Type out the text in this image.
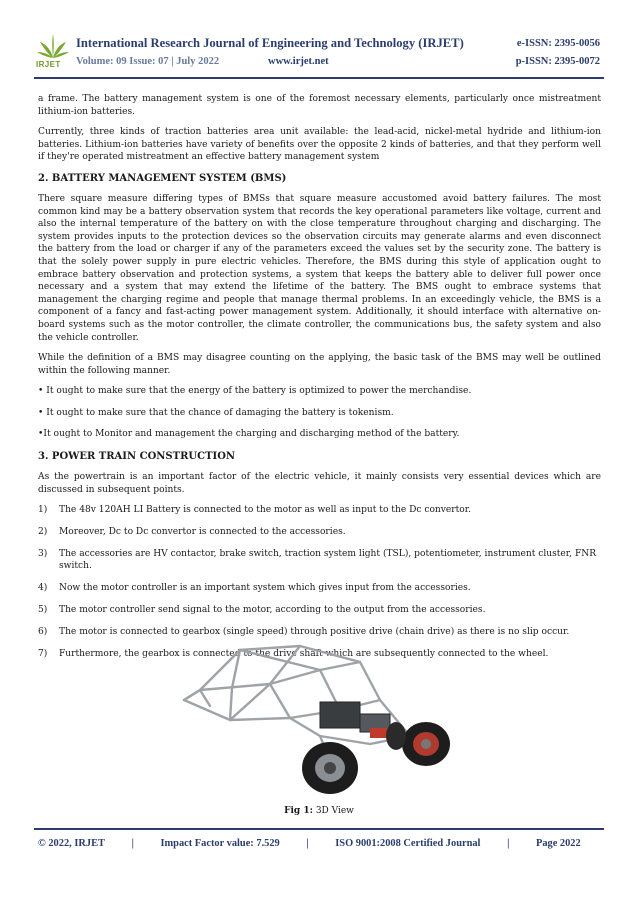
IRJET
International Research Journal of Engineering and Technology (IRJET)	e-ISSN: 2395-0056
Volume: 09 Issue: 07 | July 2022	www.irjet.net	p-ISSN: 2395-0072

a frame. The battery management system is one of the foremost necessary elements, particularly once mistreatment lithium-ion batteries.

Currently, three kinds of traction batteries area unit available: the lead-acid, nickel-metal hydride and lithium-ion batteries. Lithium-ion batteries have variety of benefits over the opposite 2 kinds of batteries, and that they perform well if they're operated mistreatment an effective battery management system

2. BATTERY MANAGEMENT SYSTEM (BMS)

There square measure differing types of BMSs that square measure accustomed avoid battery failures. The most common kind may be a battery observation system that records the key operational parameters like voltage, current and also the internal temperature of the battery on with the close temperature throughout charging and discharging. The system provides inputs to the protection devices so the observation circuits may generate alarms and even disconnect the battery from the load or charger if any of the parameters exceed the values set by the security zone. The battery is that the solely power supply in pure electric vehicles. Therefore, the BMS during this style of application ought to embrace battery observation and protection systems, a system that keeps the battery able to deliver full power once necessary and a system that may extend the lifetime of the battery. The BMS ought to embrace systems that management the charging regime and people that manage thermal problems. In an exceedingly vehicle, the BMS is a component of a fancy and fast-acting power management system. Additionally, it should interface with alternative on-board systems such as the motor controller, the climate controller, the communications bus, the safety system and also the vehicle controller.

While the definition of a BMS may disagree counting on the applying, the basic task of the BMS may well be outlined within the following manner.

• It ought to make sure that the energy of the battery is optimized to power the merchandise.

• It ought to make sure that the chance of damaging the battery is tokenism.

•It ought to Monitor and management the charging and discharging method of the battery.

3. POWER TRAIN CONSTRUCTION

As the powertrain is an important factor of the electric vehicle, it mainly consists very essential devices which are discussed in subsequent points.

1) The 48v 120AH LI Battery is connected to the motor as well as input to the Dc convertor.
2) Moreover, Dc to Dc convertor is connected to the accessories.
3) The accessories are HV contactor, brake switch, traction system light (TSL), potentiometer, instrument cluster, FNR switch.
4) Now the motor controller is an important system which gives input from the accessories.
5) The motor controller send signal to the motor, according to the output from the accessories.
6) The motor is connected to gearbox (single speed) through positive drive (chain drive) as there is no slip occur.
7) Furthermore, the gearbox is connected to the drive shaft which are subsequently connected to the wheel.
Fig 1: 3D View
© 2022, IRJET	|	Impact Factor value: 7.529	|	ISO 9001:2008 Certified Journal	|	Page 2022
